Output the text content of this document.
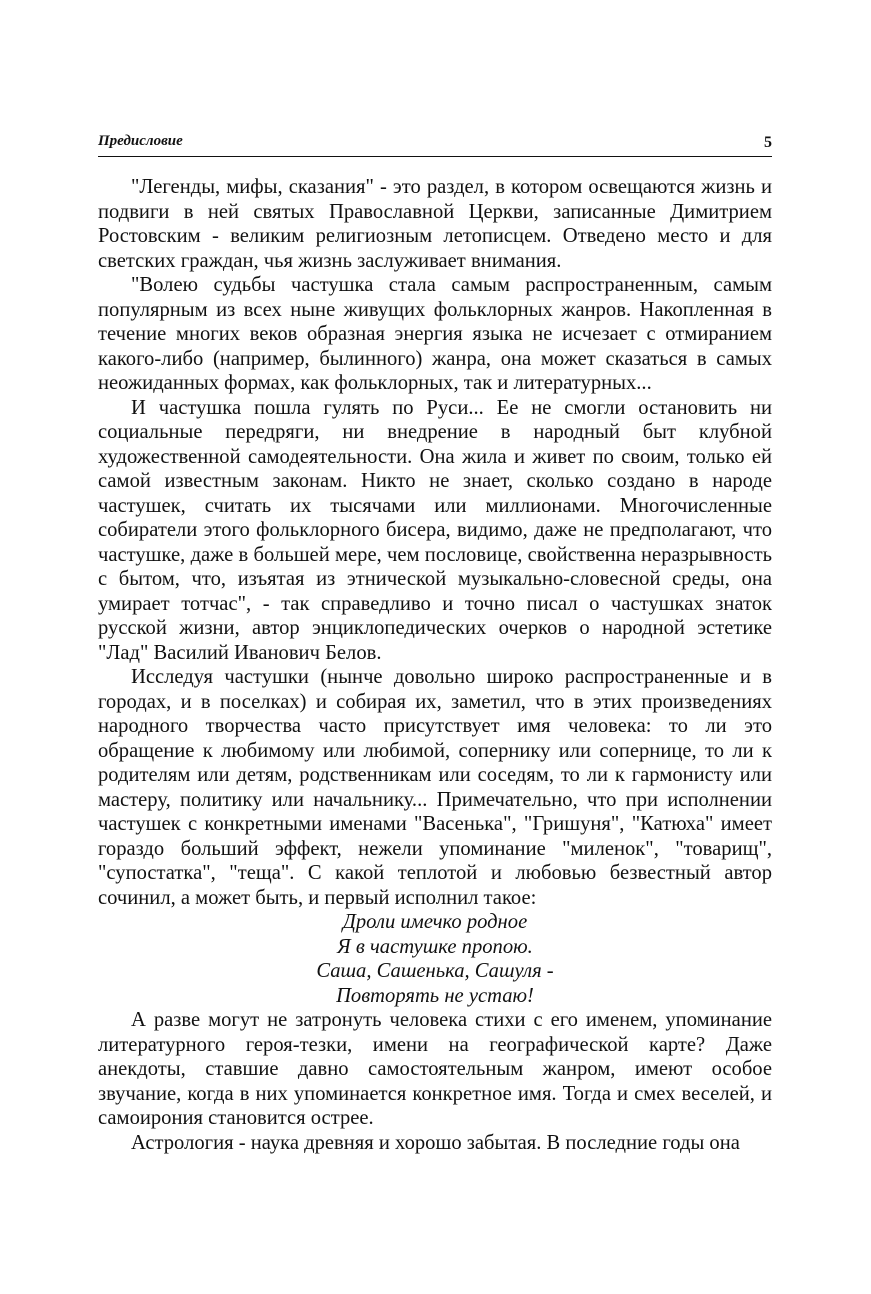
Предисловие	5

"Легенды, мифы, сказания" - это раздел, в котором освещаются жизнь и подвиги в ней святых Православной Церкви, записанные Димитрием Ростовским - великим религиозным летописцем. Отведено место и для светских граждан, чья жизнь заслуживает внимания.

"Волею судьбы частушка стала самым распространенным, самым популярным из всех ныне живущих фольклорных жанров. Накопленная в течение многих веков образная энергия языка не исчезает с отмиранием какого-либо (например, былинного) жанра, она может сказаться в самых неожиданных формах, как фольклорных, так и литературных...

И частушка пошла гулять по Руси... Ее не смогли остановить ни социальные передряги, ни внедрение в народный быт клубной художественной самодеятельности. Она жила и живет по своим, только ей самой известным законам. Никто не знает, сколько создано в народе частушек, считать их тысячами или миллионами. Многочисленные собиратели этого фольклорного бисера, видимо, даже не предполагают, что частушке, даже в большей мере, чем пословице, свойственна неразрывность с бытом, что, изъятая из этнической музыкально-словесной среды, она умирает тотчас", - так справедливо и точно писал о частушках знаток русской жизни, автор энциклопедических очерков о народной эстетике "Лад" Василий Иванович Белов.

Исследуя частушки (нынче довольно широко распространенные и в городах, и в поселках) и собирая их, заметил, что в этих произведениях народного творчества часто присутствует имя человека: то ли это обращение к любимому или любимой, сопернику или сопернице, то ли к родителям или детям, родственникам или соседям, то ли к гармонисту или мастеру, политику или начальнику... Примечательно, что при исполнении частушек с конкретными именами "Васенька", "Гришуня", "Катюха" имеет гораздо больший эффект, нежели упоминание "миленок", "товарищ", "супостатка", "теща". С какой теплотой и любовью безвестный автор сочинил, а может быть, и первый исполнил такое:

Дроли имечко родное
Я в частушке пропою.
Саша, Сашенька, Сашуля -
Повторять не устаю!

А разве могут не затронуть человека стихи с его именем, упоминание литературного героя-тезки, имени на географической карте? Даже анекдоты, ставшие давно самостоятельным жанром, имеют особое звучание, когда в них упоминается конкретное имя. Тогда и смех веселей, и самоирония становится острее.

Астрология - наука древняя и хорошо забытая. В последние годы она
